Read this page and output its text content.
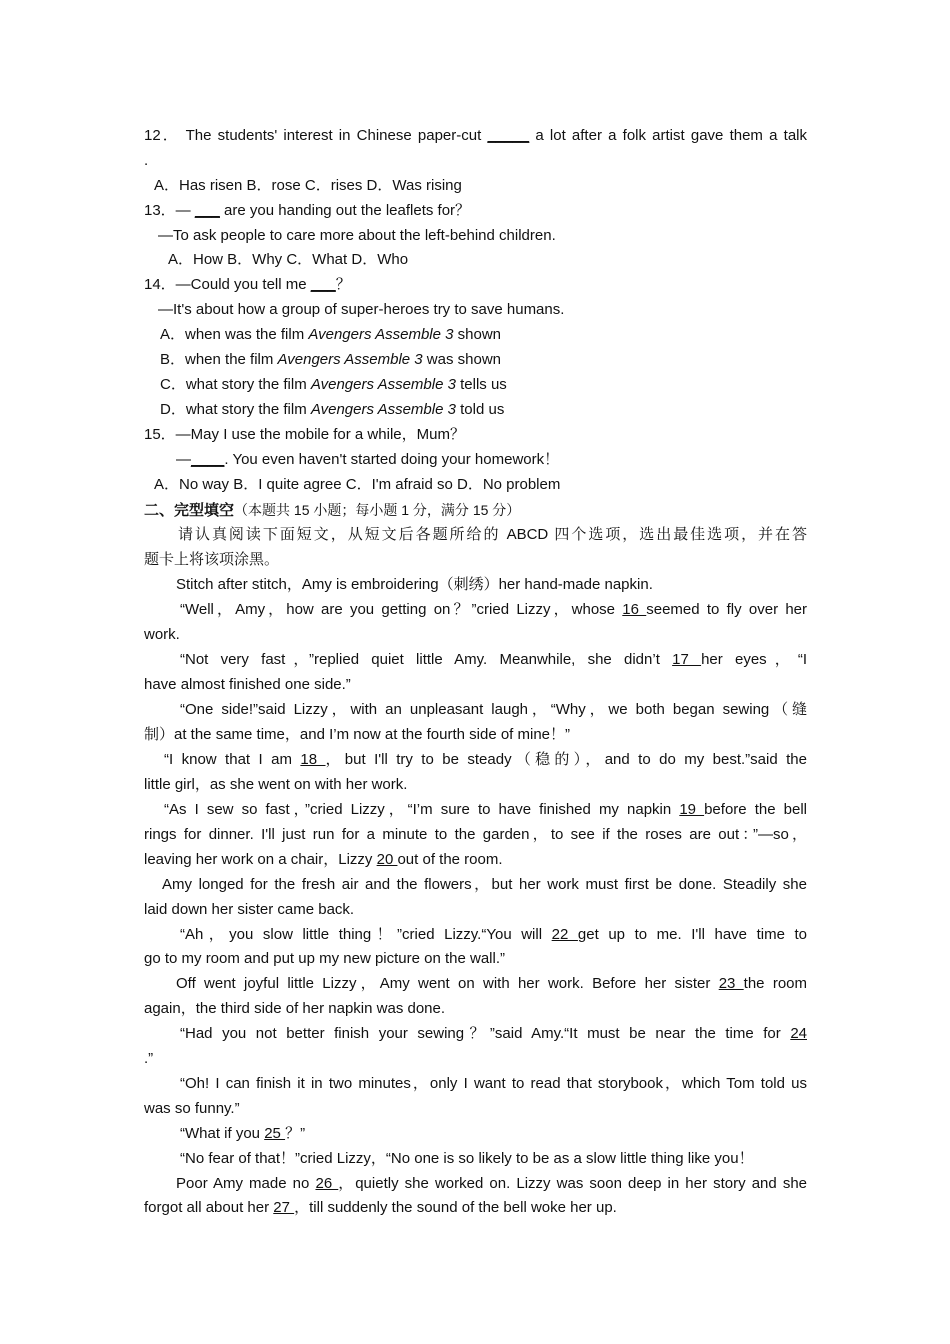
12． The students' interest in Chinese paper-cut _____ a lot after a folk artist gave them a talk
.
A．Has risen B．rose C．rises D．Was rising
13．— ___ are you handing out the leaflets for？
—To ask people to care more about the left-behind children.
A．How B．Why C．What D．Who
14．—Could you tell me ___？
—It's about how a group of super-heroes try to save humans.
A．when was the film Avengers Assemble 3 shown
B．when the film Avengers Assemble 3 was shown
C．what story the film Avengers Assemble 3 tells us
D．what story the film Avengers Assemble 3 told us
15．—May I use the mobile for a while，Mum？
—____. You even haven't started doing your homework！
A．No way B．I quite agree C．I'm afraid so D．No problem
二、完型填空（本题共 15 小题；每小题 1 分，满分 15 分）
请认真阅读下面短文，从短文后各题所给的 ABCD 四个选项，选出最佳选项，并在答
题卡上将该项涂黑。
Stitch after stitch，Amy is embroidering（刺绣）her hand-made napkin.
“Well，Amy，how are you getting on？”cried Lizzy，whose 16 seemed to fly over her
work.
“Not very fast，”replied quiet little Amy. Meanwhile, she didn’t 17 her eyes，“I
have almost finished one side.”
“One side!”said Lizzy，with an unpleasant laugh，“Why，we both began sewing（缝
制）at the same time，and I’m now at the fourth side of mine！”
“I know that I am 18 ，but I'll try to be steady（稳的），and to do my best.”said the
little girl，as she went on with her work.
“As I sew so fast，”cried Lizzy，“I’m sure to have finished my napkin 19 before the bell
rings for dinner. I'll just run for a minute to the garden，to see if the roses are out：”—so，
leaving her work on a chair，Lizzy 20 out of the room.
Amy longed for the fresh air and the flowers，but her work must first be done. Steadily she
laid down her sister came back.
“Ah，you slow little thing！”cried Lizzy.“You will 22 get up to me. I'll have time to
go to my room and put up my new picture on the wall.”
Off went joyful little Lizzy，Amy went on with her work. Before her sister 23 the room
again，the third side of her napkin was done.
“Had you not better finish your sewing？”said Amy.“It must be near the time for 24
.”
“Oh! I can finish it in two minutes，only I want to read that storybook，which Tom told us
was so funny.”
“What if you 25 ？”
“No fear of that！”cried Lizzy，“No one is so likely to be as a slow little thing like you！
Poor Amy made no 26 ，quietly she worked on. Lizzy was soon deep in her story and she
forgot all about her 27 ，till suddenly the sound of the bell woke her up.
